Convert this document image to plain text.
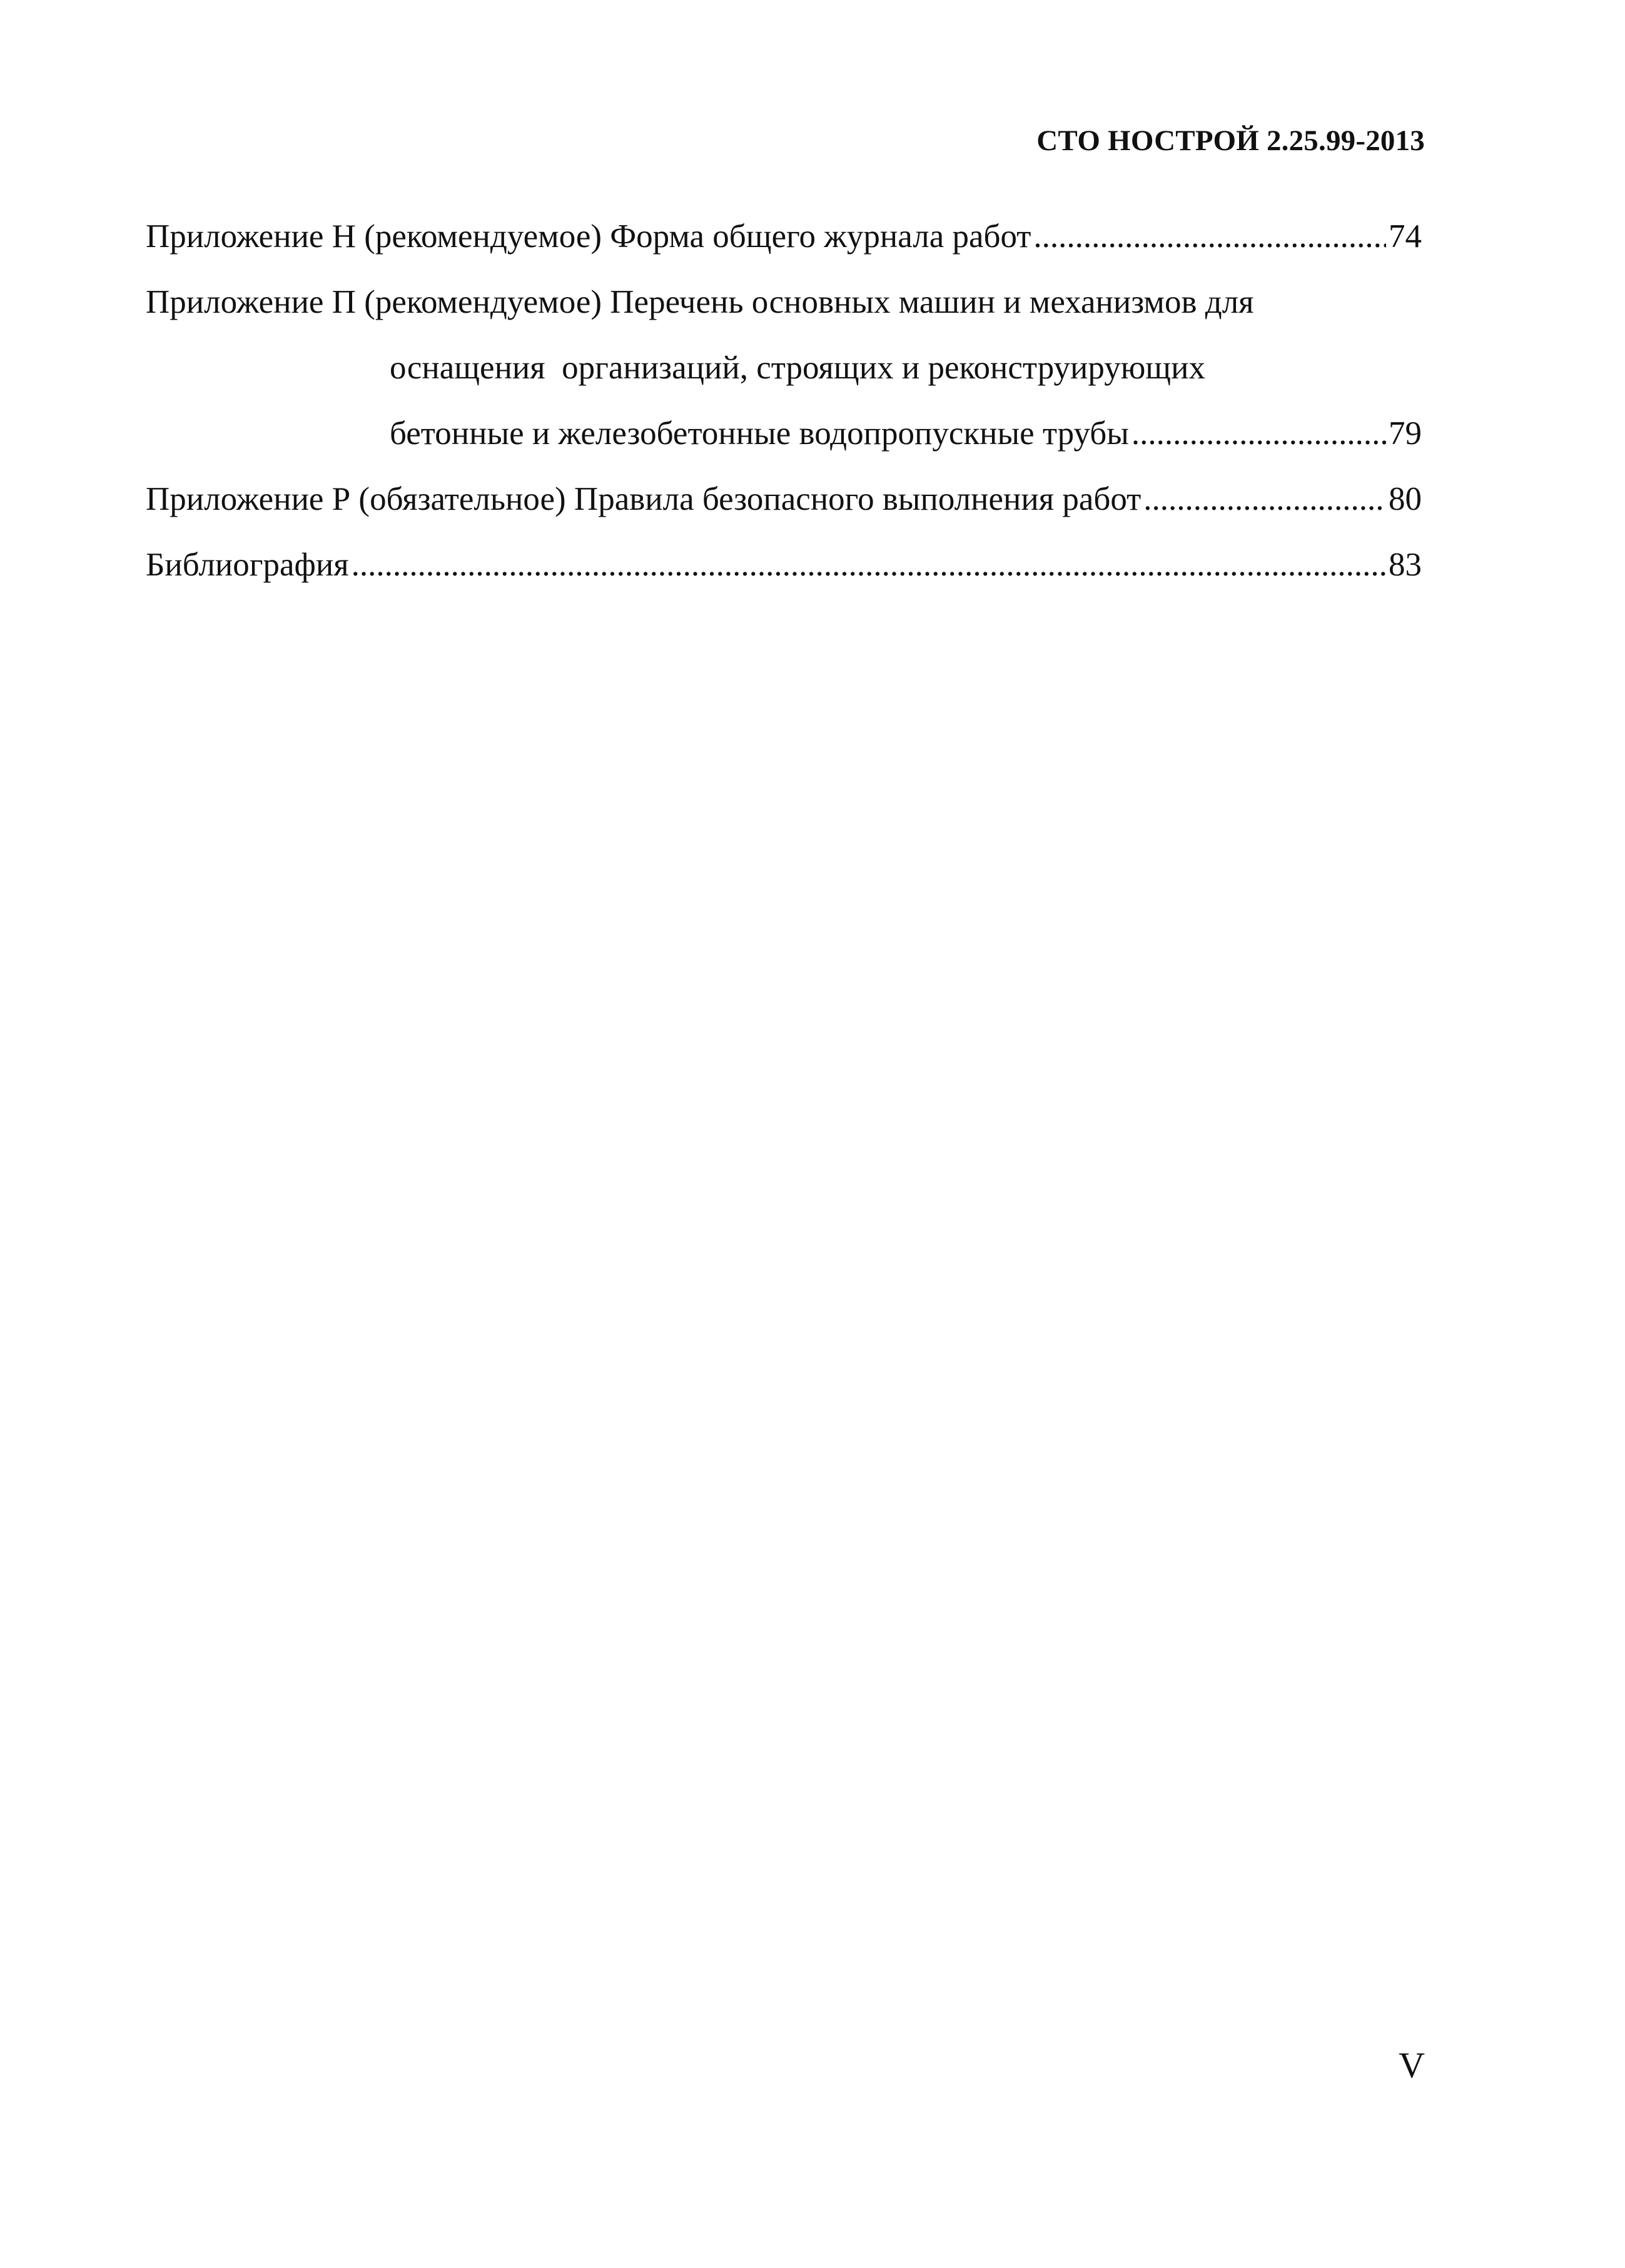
СТО НОСТРОЙ 2.25.99-2013
Приложение Н (рекомендуемое) Форма общего журнала работ .....	74
Приложение П (рекомендуемое) Перечень основных машин и механизмов для
оснащения  организаций, строящих и реконструирующих
бетонные и железобетонные водопропускные трубы .....	79
Приложение Р (обязательное) Правила безопасного выполнения работ .....	80
Библиография .....	83
V
